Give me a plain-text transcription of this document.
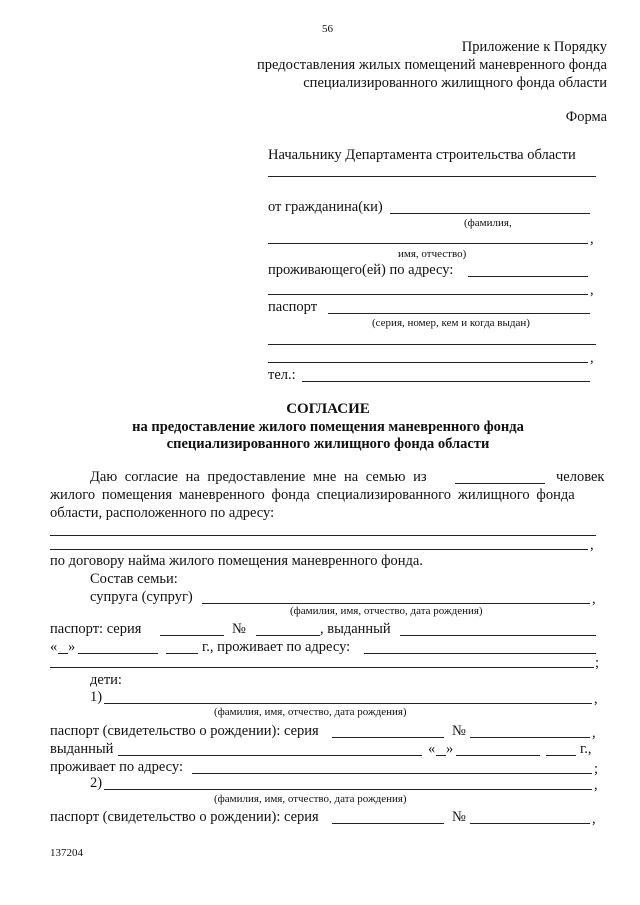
56
Приложение к Порядку
предоставления жилых помещений маневренного фонда
специализированного жилищного фонда области
Форма
Начальнику Департамента строительства области
от гражданина(ки)
(фамилия,
,
имя, отчество)
проживающего(ей) по адресу:
,
паспорт
(серия, номер, кем и когда выдан)
,
тел.:
СОГЛАСИЕ
на предоставление жилого помещения маневренного фонда
специализированного жилищного фонда области
Даю согласие на предоставление мне на семью из	человек
жилого помещения маневренного фонда специализированного жилищного фонда
области, расположенного по адресу:
,
по договору найма жилого помещения маневренного фонда.
Состав семьи:
супруга (супруг)	,
(фамилия, имя, отчество, дата рождения)
паспорт: серия	№	, выданный
« »	г., проживает по адресу:
;
дети:
1)	,
(фамилия, имя, отчество, дата рождения)
паспорт (свидетельство о рождении): серия	№	,
выданный	« »	г.,
проживает по адресу:	;
2)	,
(фамилия, имя, отчество, дата рождения)
паспорт (свидетельство о рождении): серия	№	,
137204
